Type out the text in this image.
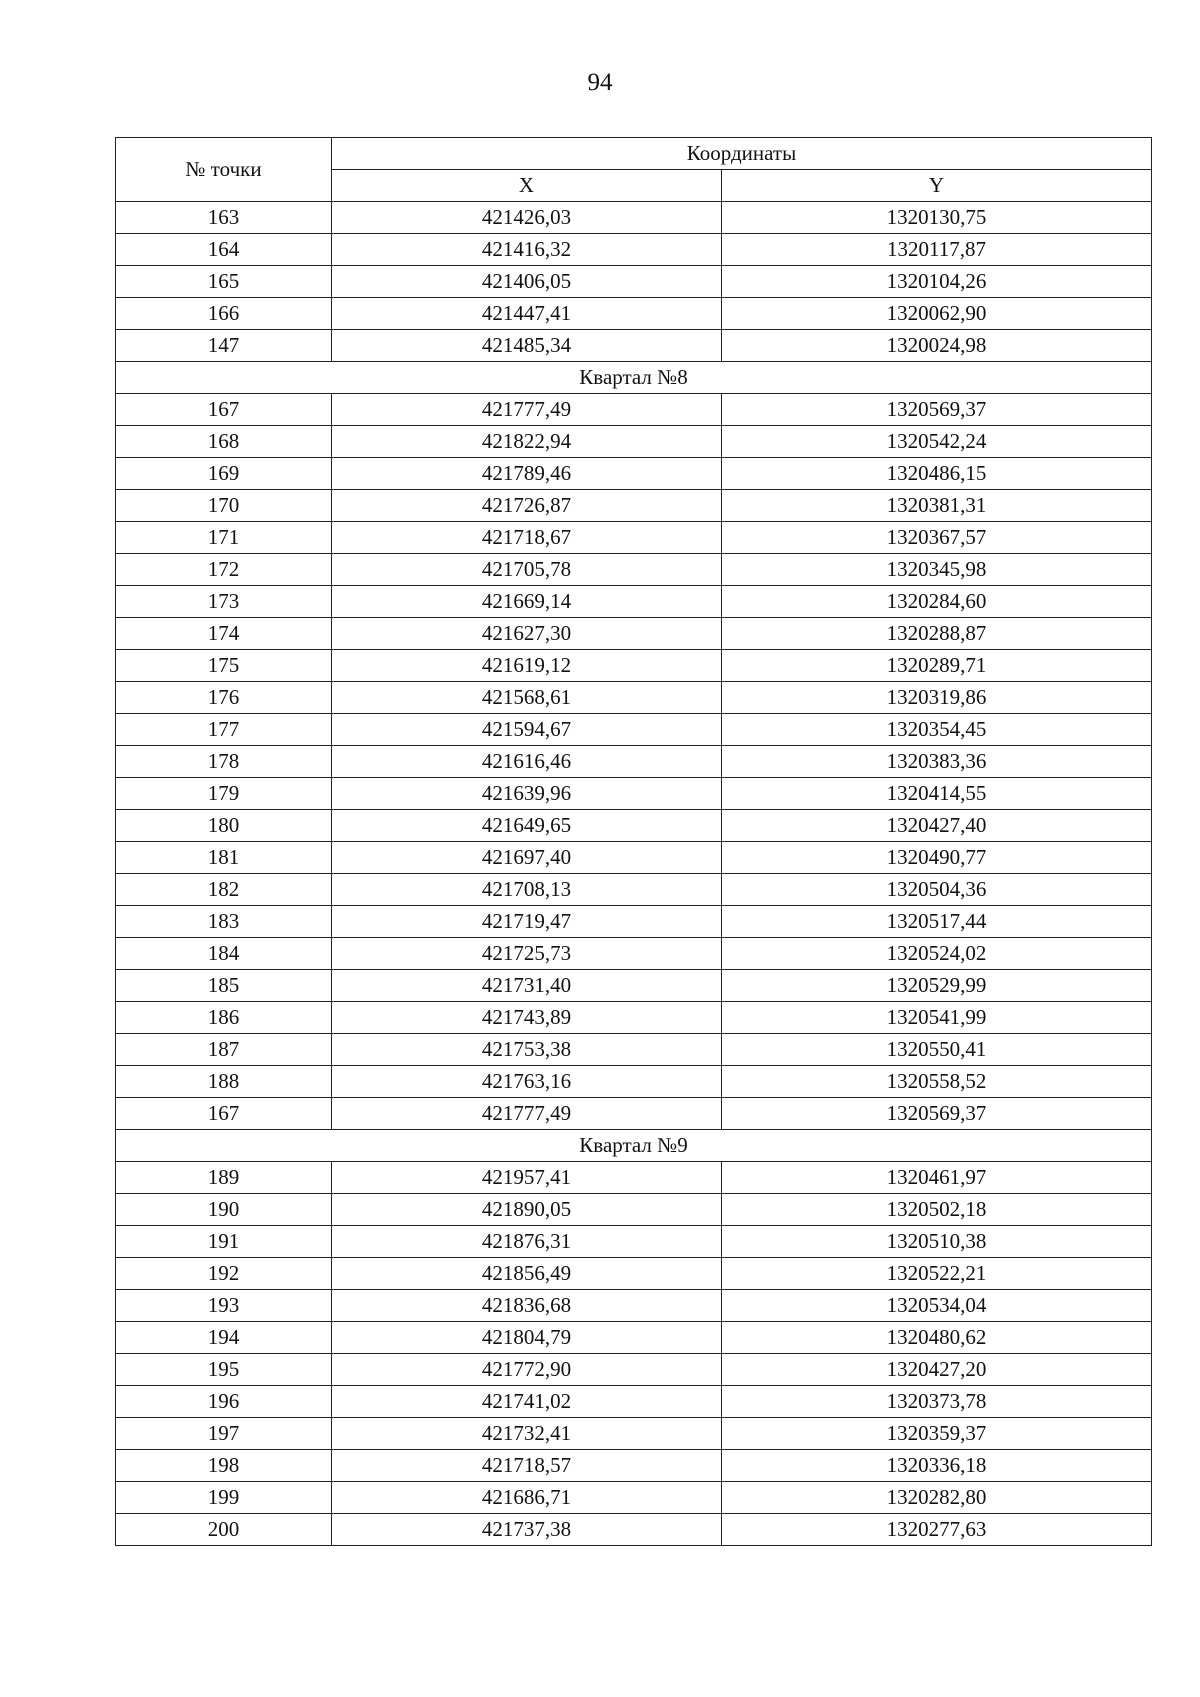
94
№ точки	Координаты	
	X	Y
163	421426,03	1320130,75
164	421416,32	1320117,87
165	421406,05	1320104,26
166	421447,41	1320062,90
147	421485,34	1320024,98
Квартал №8		
167	421777,49	1320569,37
168	421822,94	1320542,24
169	421789,46	1320486,15
170	421726,87	1320381,31
171	421718,67	1320367,57
172	421705,78	1320345,98
173	421669,14	1320284,60
174	421627,30	1320288,87
175	421619,12	1320289,71
176	421568,61	1320319,86
177	421594,67	1320354,45
178	421616,46	1320383,36
179	421639,96	1320414,55
180	421649,65	1320427,40
181	421697,40	1320490,77
182	421708,13	1320504,36
183	421719,47	1320517,44
184	421725,73	1320524,02
185	421731,40	1320529,99
186	421743,89	1320541,99
187	421753,38	1320550,41
188	421763,16	1320558,52
167	421777,49	1320569,37
Квартал №9		
189	421957,41	1320461,97
190	421890,05	1320502,18
191	421876,31	1320510,38
192	421856,49	1320522,21
193	421836,68	1320534,04
194	421804,79	1320480,62
195	421772,90	1320427,20
196	421741,02	1320373,78
197	421732,41	1320359,37
198	421718,57	1320336,18
199	421686,71	1320282,80
200	421737,38	1320277,63
